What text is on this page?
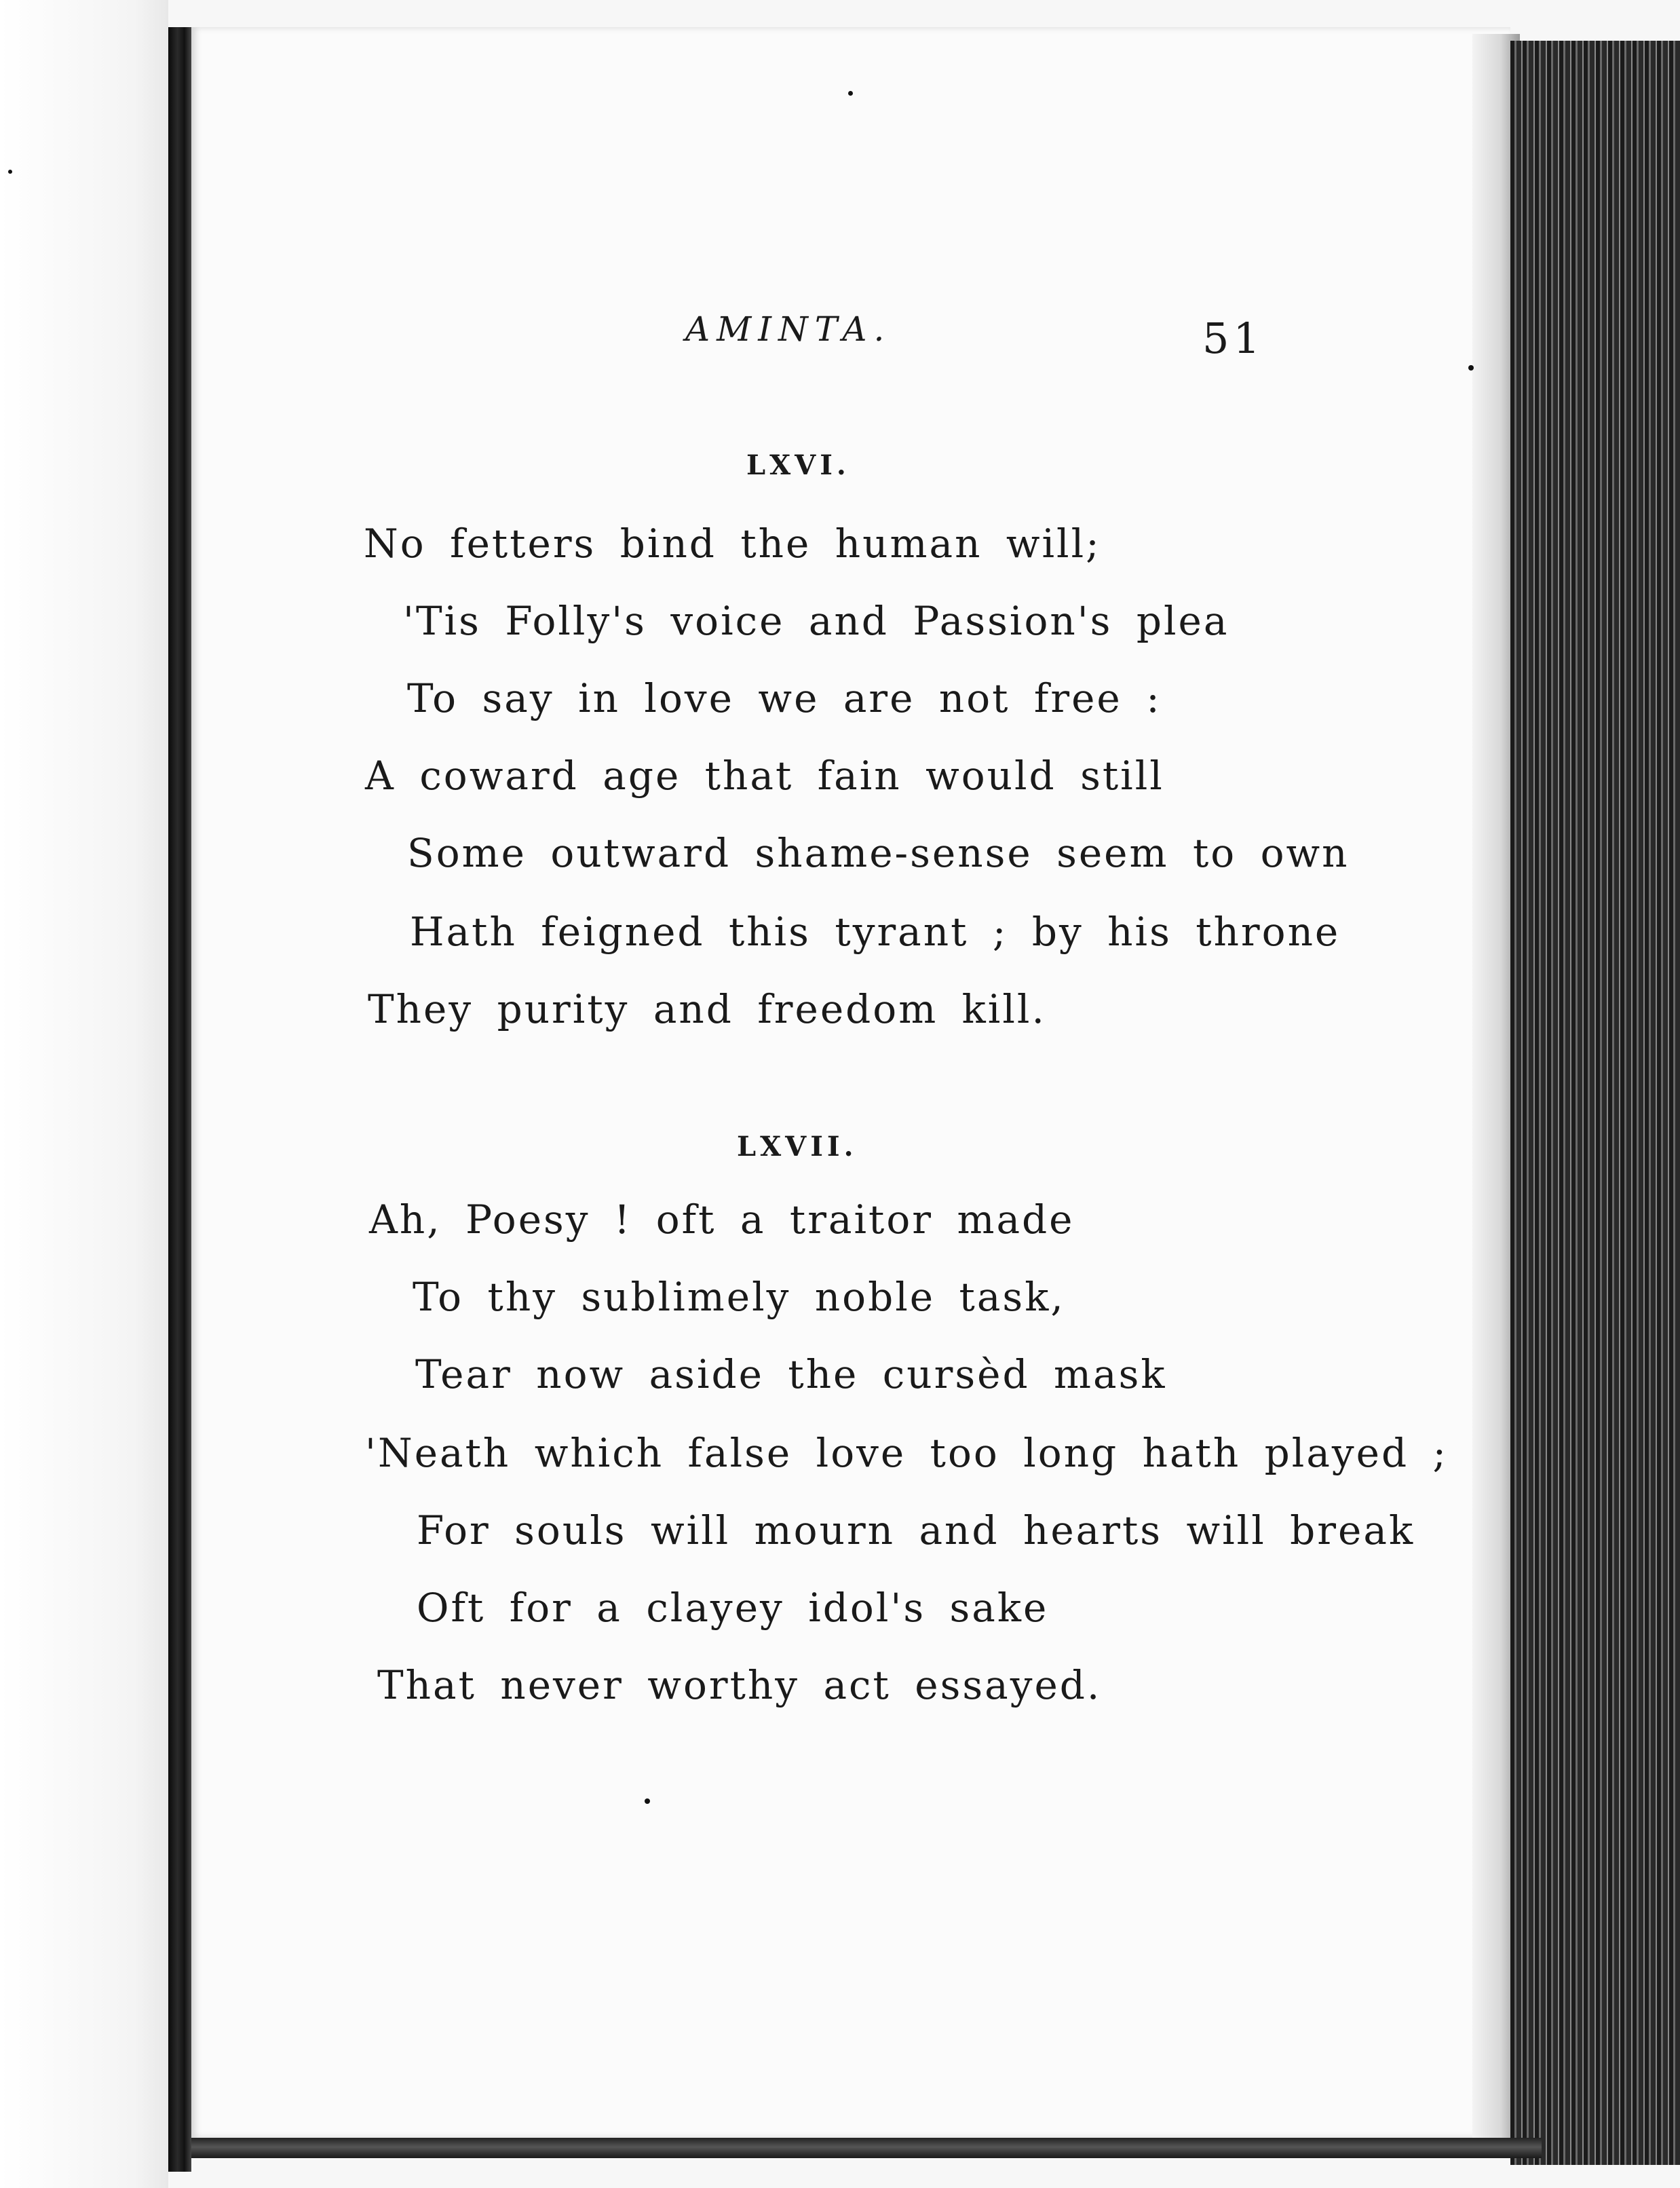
AMINTA.	51
LXVI.
No fetters bind the human will;
'Tis Folly's voice and Passion's plea
To say in love we are not free :
A coward age that fain would still
Some outward shame-sense seem to own
Hath feigned this tyrant ; by his throne
They purity and freedom kill.
LXVII.
Ah, Poesy ! oft a traitor made
To thy sublimely noble task,
Tear now aside the cursèd mask
'Neath which false love too long hath played ;
For souls will mourn and hearts will break
Oft for a clayey idol's sake
That never worthy act essayed.
